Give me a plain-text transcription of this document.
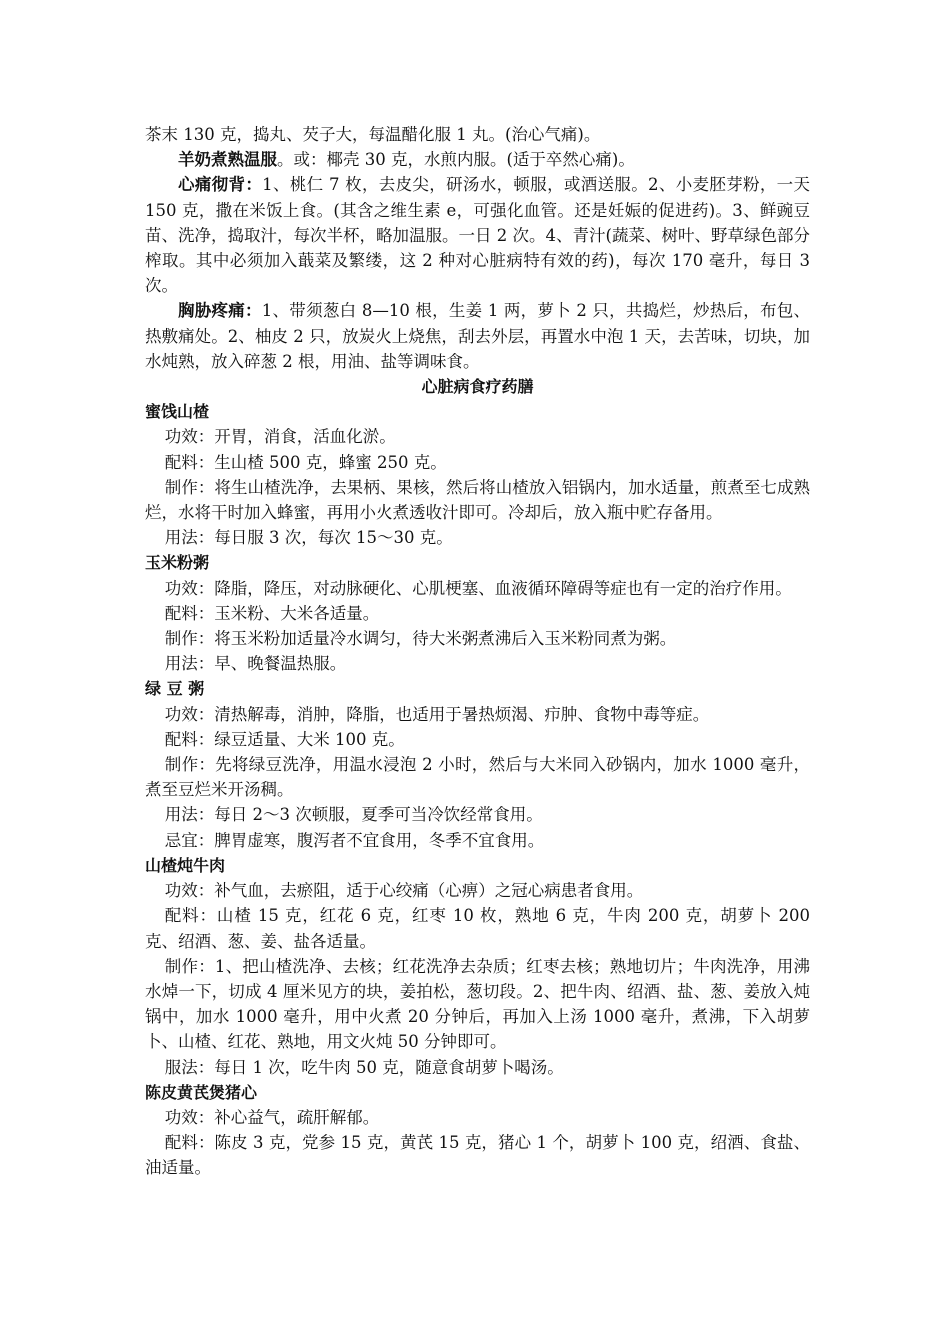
茶末 130 克，捣丸、芡子大，每温醋化服 1 丸。(治心气痛)。

羊奶煮熟温服。或：椰壳 30 克，水煎内服。(适于卒然心痛)。

心痛彻背：1、桃仁 7 枚，去皮尖，研汤水，顿服，或酒送服。2、小麦胚芽粉，一天 150 克，撒在米饭上食。(其含之维生素 e，可强化血管。还是妊娠的促进药)。3、鲜豌豆苗、洗净，捣取汁，每次半杯，略加温服。一日 2 次。4、青汁(蔬菜、树叶、野草绿色部分榨取。其中必须加入蕺菜及繁缕，这 2 种对心脏病特有效的药)，每次 170 毫升，每日 3 次。

胸胁疼痛：1、带须葱白 8—10 根，生姜 1 两，萝卜 2 只，共捣烂，炒热后，布包、热敷痛处。2、柚皮 2 只，放炭火上烧焦，刮去外层，再置水中泡 1 天，去苦味，切块，加水炖熟，放入碎葱 2 根，用油、盐等调味食。

心脏病食疗药膳

蜜饯山楂

功效：开胃，消食，活血化淤。

配料：生山楂 500 克，蜂蜜 250 克。

制作：将生山楂洗净，去果柄、果核，然后将山楂放入铝锅内，加水适量，煎煮至七成熟烂，水将干时加入蜂蜜，再用小火煮透收汁即可。冷却后，放入瓶中贮存备用。

用法：每日服 3 次，每次 15～30 克。

玉米粉粥

功效：降脂，降压，对动脉硬化、心肌梗塞、血液循环障碍等症也有一定的治疗作用。

配料：玉米粉、大米各适量。

制作：将玉米粉加适量冷水调匀，待大米粥煮沸后入玉米粉同煮为粥。

用法：早、晚餐温热服。

绿 豆 粥

功效：清热解毒，消肿，降脂，也适用于暑热烦渴、疖肿、食物中毒等症。

配料：绿豆适量、大米 100 克。

制作：先将绿豆洗净，用温水浸泡 2 小时，然后与大米同入砂锅内，加水 1000 毫升，煮至豆烂米开汤稠。

用法：每日 2～3 次顿服，夏季可当冷饮经常食用。

忌宜：脾胃虚寒，腹泻者不宜食用，冬季不宜食用。

山楂炖牛肉

功效：补气血，去瘀阻，适于心绞痛（心痹）之冠心病患者食用。

配料：山楂 15 克，红花 6 克，红枣 10 枚，熟地 6 克，牛肉 200 克，胡萝卜 200 克、绍酒、葱、姜、盐各适量。

制作：1、把山楂洗净、去核；红花洗净去杂质；红枣去核；熟地切片；牛肉洗净，用沸水焯一下，切成 4 厘米见方的块，姜拍松，葱切段。2、把牛肉、绍酒、盐、葱、姜放入炖锅中，加水 1000 毫升，用中火煮 20 分钟后，再加入上汤 1000 毫升，煮沸，下入胡萝卜、山楂、红花、熟地，用文火炖 50 分钟即可。

服法：每日 1 次，吃牛肉 50 克，随意食胡萝卜喝汤。

陈皮黄芪煲猪心

功效：补心益气，疏肝解郁。

配料：陈皮 3 克，党参 15 克，黄芪 15 克，猪心 1 个，胡萝卜 100 克，绍酒、食盐、油适量。
